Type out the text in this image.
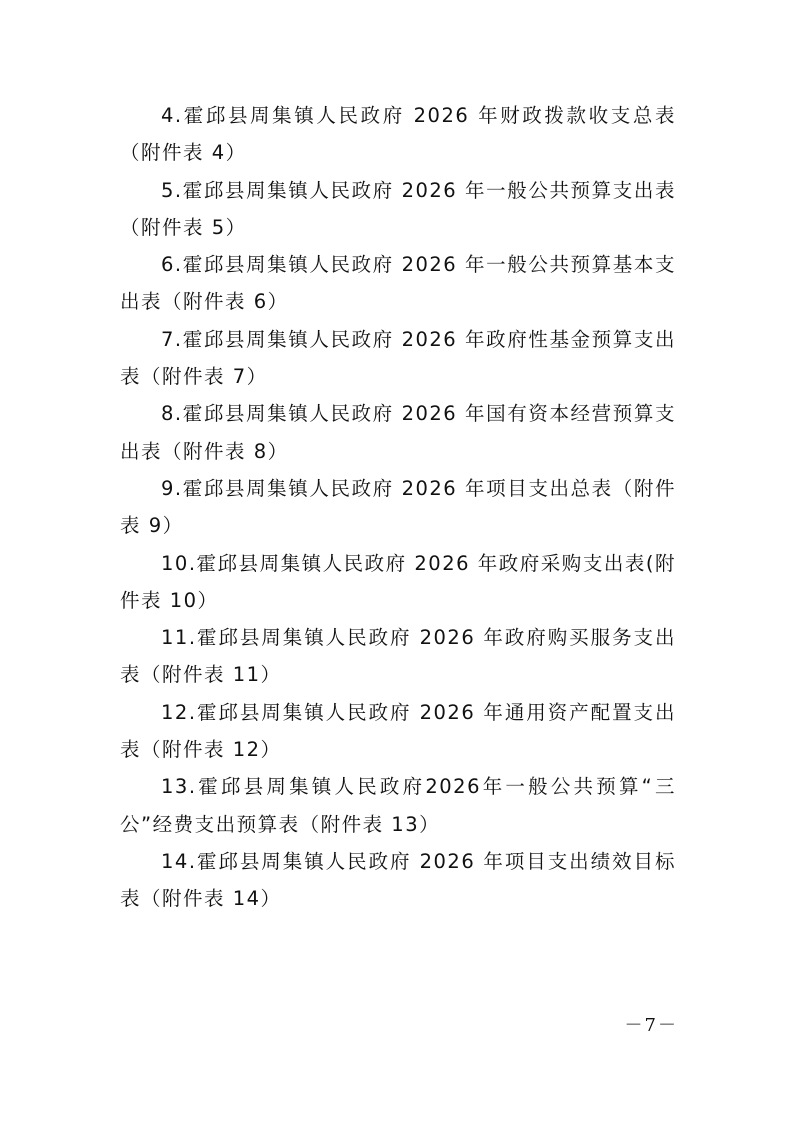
4.霍邱县周集镇人民政府 2026 年财政拨款收支总表（附件表 4）

5.霍邱县周集镇人民政府 2026 年一般公共预算支出表（附件表 5）

6.霍邱县周集镇人民政府 2026 年一般公共预算基本支出表（附件表 6）

7.霍邱县周集镇人民政府 2026 年政府性基金预算支出表（附件表 7）

8.霍邱县周集镇人民政府 2026 年国有资本经营预算支出表（附件表 8）

9.霍邱县周集镇人民政府 2026 年项目支出总表（附件表 9）

10.霍邱县周集镇人民政府 2026 年政府采购支出表(附件表 10）

11.霍邱县周集镇人民政府 2026 年政府购买服务支出表（附件表 11）

12.霍邱县周集镇人民政府 2026 年通用资产配置支出表（附件表 12）

13.霍邱县周集镇人民政府2026年一般公共预算“三公”经费支出预算表（附件表 13）

14.霍邱县周集镇人民政府 2026 年项目支出绩效目标表（附件表 14）

－7－
